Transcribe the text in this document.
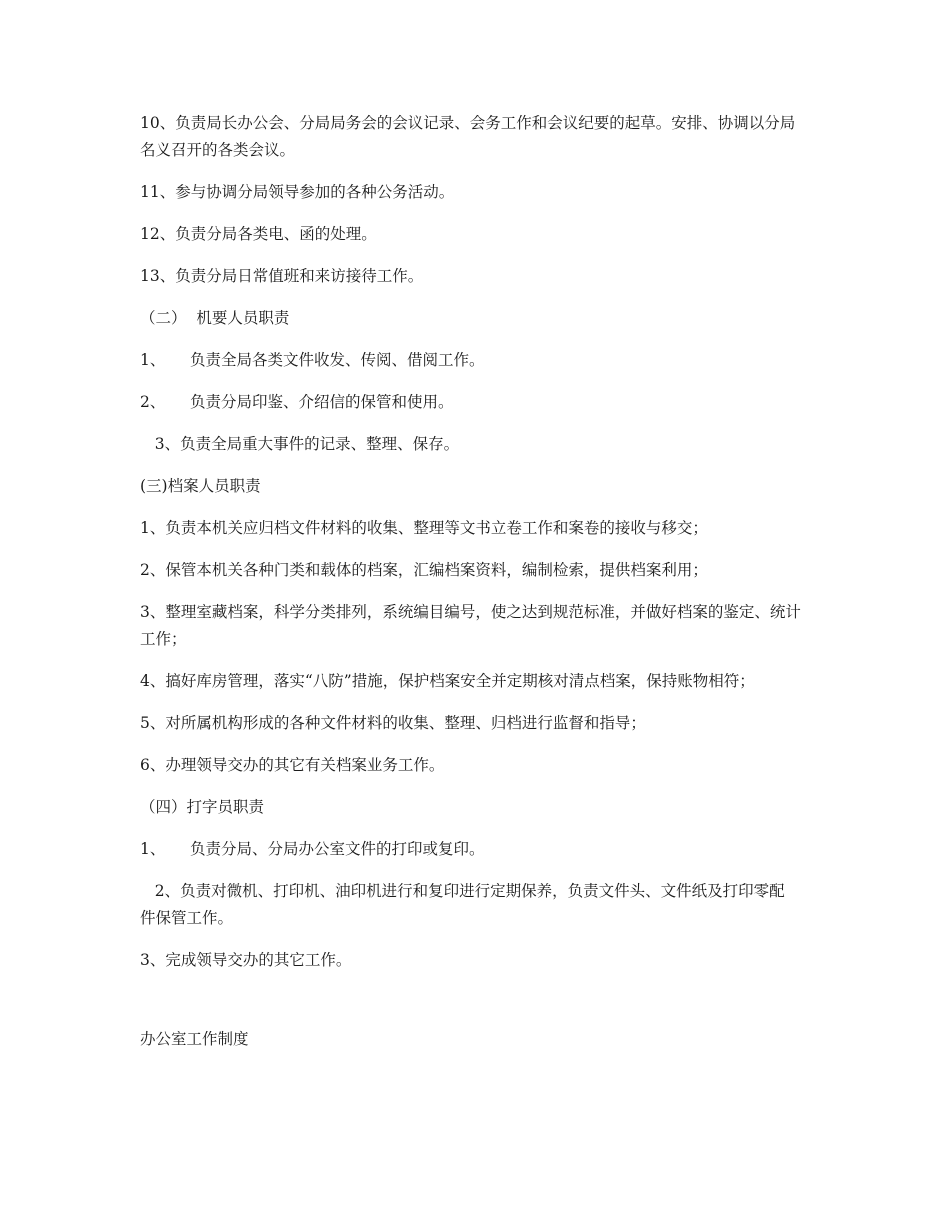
10、负责局长办公会、分局局务会的会议记录、会务工作和会议纪要的起草。安排、协调以分局名义召开的各类会议。

11、参与协调分局领导参加的各种公务活动。

12、负责分局各类电、函的处理。

13、负责分局日常值班和来访接待工作。

（二）  机要人员职责

1、     负责全局各类文件收发、传阅、借阅工作。

2、     负责分局印鉴、介绍信的保管和使用。

3、负责全局重大事件的记录、整理、保存。

(三)档案人员职责

1、负责本机关应归档文件材料的收集、整理等文书立卷工作和案卷的接收与移交；

2、保管本机关各种门类和载体的档案，汇编档案资料，编制检索，提供档案利用；

3、整理室藏档案，科学分类排列，系统编目编号，使之达到规范标准，并做好档案的鉴定、统计工作；

4、搞好库房管理，落实“八防”措施，保护档案安全并定期核对清点档案，保持账物相符；

5、对所属机构形成的各种文件材料的收集、整理、归档进行监督和指导；

6、办理领导交办的其它有关档案业务工作。

（四）打字员职责

1、     负责分局、分局办公室文件的打印或复印。

2、负责对微机、打印机、油印机进行和复印进行定期保养，负责文件头、文件纸及打印零配件保管工作。

3、完成领导交办的其它工作。

办公室工作制度
